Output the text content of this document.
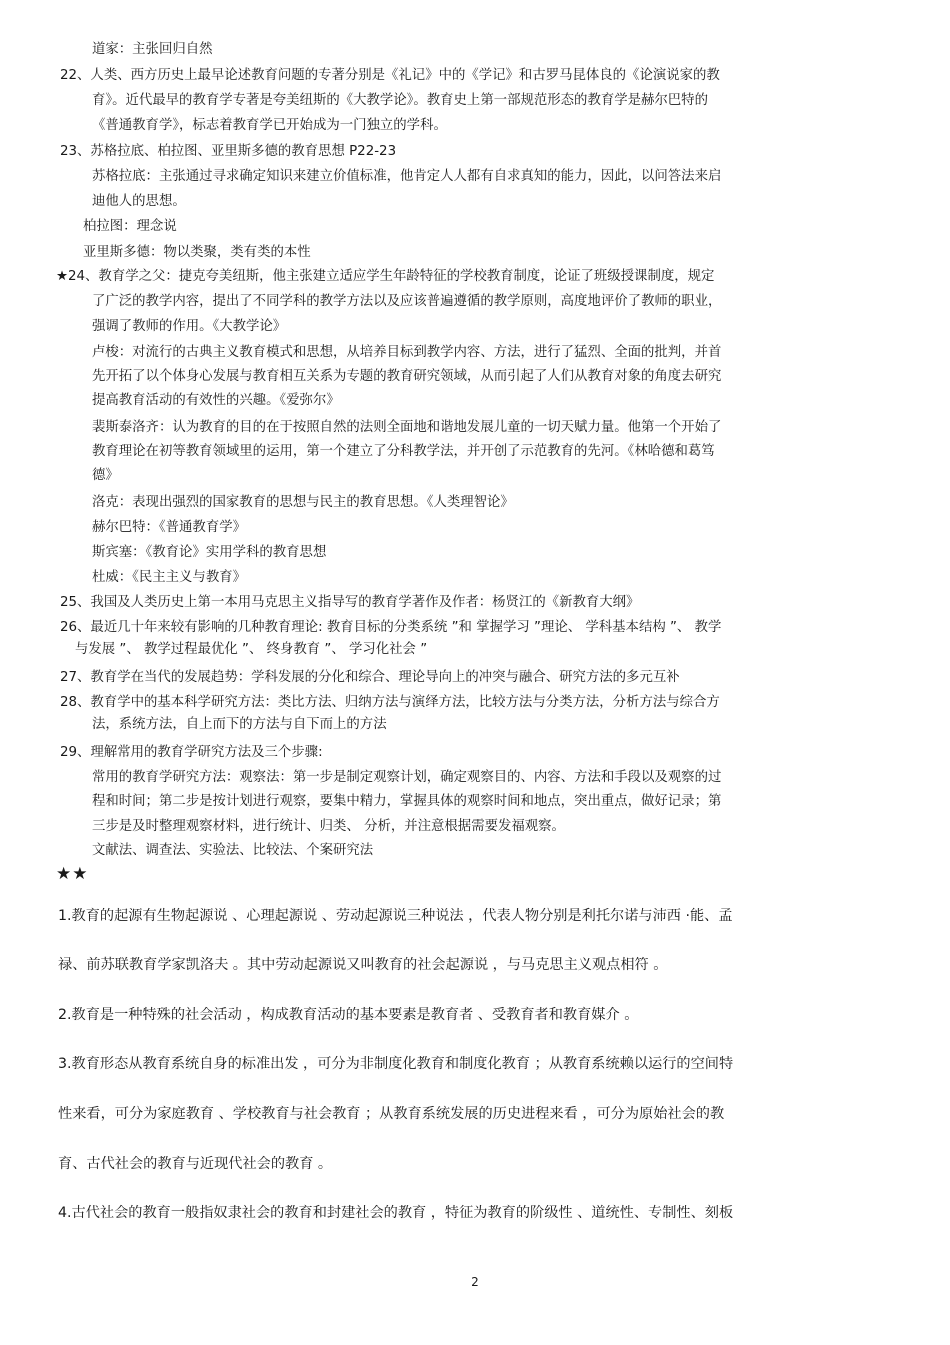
道家：主张回归自然
22、人类、西方历史上最早论述教育问题的专著分别是《礼记》中的《学记》和古罗马昆体良的《论演说家的教
育》。近代最早的教育学专著是夸美纽斯的《大教学论》。教育史上第一部规范形态的教育学是赫尔巴特的
《普通教育学》，标志着教育学已开始成为一门独立的学科。
23、苏格拉底、柏拉图、亚里斯多德的教育思想 P22-23
苏格拉底：主张通过寻求确定知识来建立价值标准，他肯定人人都有自求真知的能力，因此，以问答法来启
迪他人的思想。
柏拉图：理念说
亚里斯多德：物以类聚，类有类的本性
★24、教育学之父：捷克夸美纽斯，他主张建立适应学生年龄特征的学校教育制度，论证了班级授课制度，规定
了广泛的教学内容，提出了不同学科的教学方法以及应该普遍遵循的教学原则，高度地评价了教师的职业，
强调了教师的作用。《大教学论》
卢梭：对流行的古典主义教育模式和思想，从培养目标到教学内容、方法，进行了猛烈、全面的批判，并首
先开拓了以个体身心发展与教育相互关系为专题的教育研究领域，从而引起了人们从教育对象的角度去研究
提高教育活动的有效性的兴趣。《爱弥尔》
裴斯泰洛齐：认为教育的目的在于按照自然的法则全面地和谐地发展儿童的一切天赋力量。他第一个开始了
教育理论在初等教育领域里的运用，第一个建立了分科教学法，并开创了示范教育的先河。《林哈德和葛笃
德》
洛克：表现出强烈的国家教育的思想与民主的教育思想。《人类理智论》
赫尔巴特：《普通教育学》
斯宾塞：《教育论》实用学科的教育思想
杜威：《民主主义与教育》
25、我国及人类历史上第一本用马克思主义指导写的教育学著作及作者：杨贤江的《新教育大纲》
26、最近几十年来较有影响的几种教育理论: 教育目标的分类系统 ”和 掌握学习 ”理论、 学科基本结构 ”、 教学
与发展 ”、 教学过程最优化 ”、 终身教育 ”、 学习化社会 ”
27、教育学在当代的发展趋势：学科发展的分化和综合、理论导向上的冲突与融合、研究方法的多元互补
28、教育学中的基本科学研究方法：类比方法、归纳方法与演绎方法，比较方法与分类方法，分析方法与综合方
法，系统方法，自上而下的方法与自下而上的方法
29、理解常用的教育学研究方法及三个步骤:
常用的教育学研究方法：观察法：第一步是制定观察计划，确定观察目的、内容、方法和手段以及观察的过
程和时间；第二步是按计划进行观察，要集中精力，掌握具体的观察时间和地点，突出重点，做好记录；第
三步是及时整理观察材料，进行统计、归类、 分析，并注意根据需要发福观察。
文献法、调查法、实验法、比较法、个案研究法
★★
1.教育的起源有生物起源说 、心理起源说 、劳动起源说三种说法 ，代表人物分别是利托尔诺与沛西 ·能、孟
禄、前苏联教育学家凯洛夫 。其中劳动起源说又叫教育的社会起源说 ，与马克思主义观点相符 。
2.教育是一种特殊的社会活动 ，构成教育活动的基本要素是教育者 、受教育者和教育媒介 。
3.教育形态从教育系统自身的标准出发 ，可分为非制度化教育和制度化教育 ；从教育系统赖以运行的空间特
性来看，可分为家庭教育 、学校教育与社会教育 ；从教育系统发展的历史进程来看 ，可分为原始社会的教
育、古代社会的教育与近现代社会的教育 。
4.古代社会的教育一般指奴隶社会的教育和封建社会的教育 ，特征为教育的阶级性 、道统性、专制性、刻板
2
